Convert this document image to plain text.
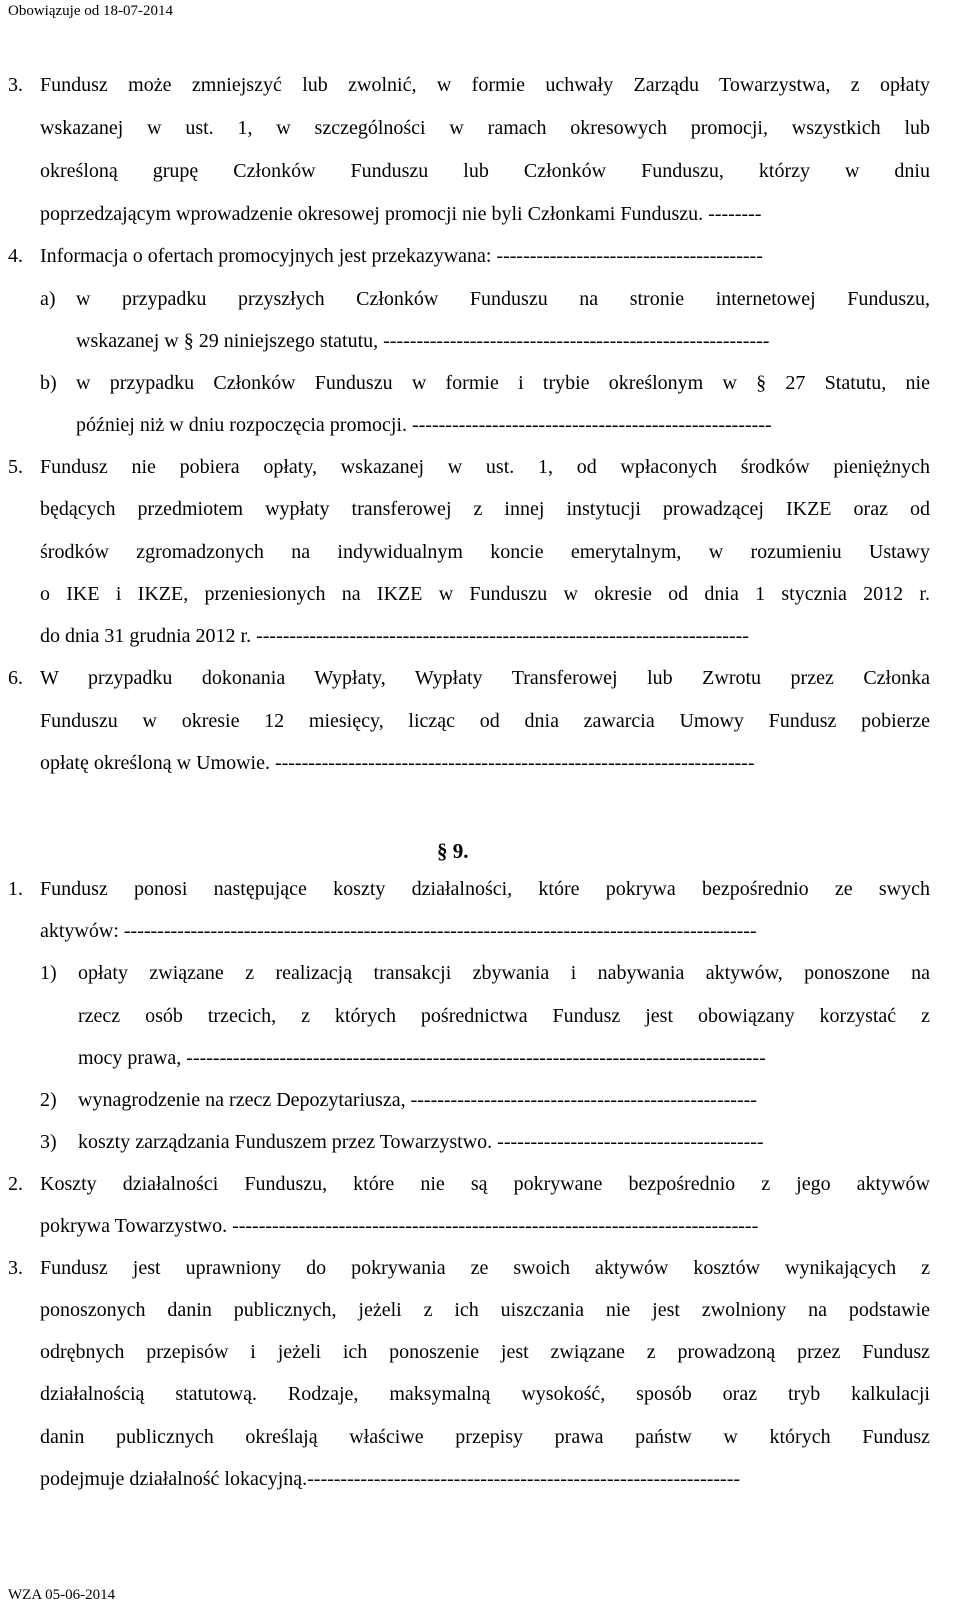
Obowiązuje od 18-07-2014
3. Fundusz może zmniejszyć lub zwolnić, w formie uchwały Zarządu Towarzystwa, z opłaty
wskazanej w ust. 1, w szczególności w ramach okresowych promocji, wszystkich lub
określoną grupę Członków Funduszu lub Członków Funduszu, którzy w dniu
poprzedzającym wprowadzenie okresowej promocji nie byli Członkami Funduszu. --------
4. Informacja o ofertach promocyjnych jest przekazywana: ----------------------------------------
a) w przypadku przyszłych Członków Funduszu na stronie internetowej Funduszu,
wskazanej w § 29 niniejszego statutu, ----------------------------------------------------------
b) w przypadku Członków Funduszu w formie i trybie określonym w § 27 Statutu, nie
później niż w dniu rozpoczęcia promocji. ------------------------------------------------------
5. Fundusz nie pobiera opłaty, wskazanej w ust. 1, od wpłaconych środków pieniężnych
będących przedmiotem wypłaty transferowej z innej instytucji prowadzącej IKZE oraz od
środków zgromadzonych na indywidualnym koncie emerytalnym, w rozumieniu Ustawy
o IKE i IKZE, przeniesionych na IKZE w Funduszu w okresie od dnia 1 stycznia 2012 r.
do dnia 31 grudnia 2012 r. --------------------------------------------------------------------------
6. W przypadku dokonania Wypłaty, Wypłaty Transferowej lub Zwrotu przez Członka
Funduszu w okresie 12 miesięcy, licząc od dnia zawarcia Umowy Fundusz pobierze
opłatę określoną w Umowie. ------------------------------------------------------------------------
§ 9.
1. Fundusz ponosi następujące koszty działalności, które pokrywa bezpośrednio ze swych
aktywów: -----------------------------------------------------------------------------------------------
1) opłaty związane z realizacją transakcji zbywania i nabywania aktywów, ponoszone na
rzecz osób trzecich, z których pośrednictwa Fundusz jest obowiązany korzystać z
mocy prawa, ---------------------------------------------------------------------------------------
2) wynagrodzenie na rzecz Depozytariusza, ----------------------------------------------------
3) koszty zarządzania Funduszem przez Towarzystwo. ----------------------------------------
2. Koszty działalności Funduszu, które nie są pokrywane bezpośrednio z jego aktywów
pokrywa Towarzystwo. -------------------------------------------------------------------------------
3. Fundusz jest uprawniony do pokrywania ze swoich aktywów kosztów wynikających z
ponoszonych danin publicznych, jeżeli z ich uiszczania nie jest zwolniony na podstawie
odrębnych przepisów i jeżeli ich ponoszenie jest związane z prowadzoną przez Fundusz
działalnością statutową. Rodzaje, maksymalną wysokość, sposób oraz tryb kalkulacji
danin publicznych określają właściwe przepisy prawa państw w których Fundusz
podejmuje działalność lokacyjną.-----------------------------------------------------------------
WZA 05-06-2014
